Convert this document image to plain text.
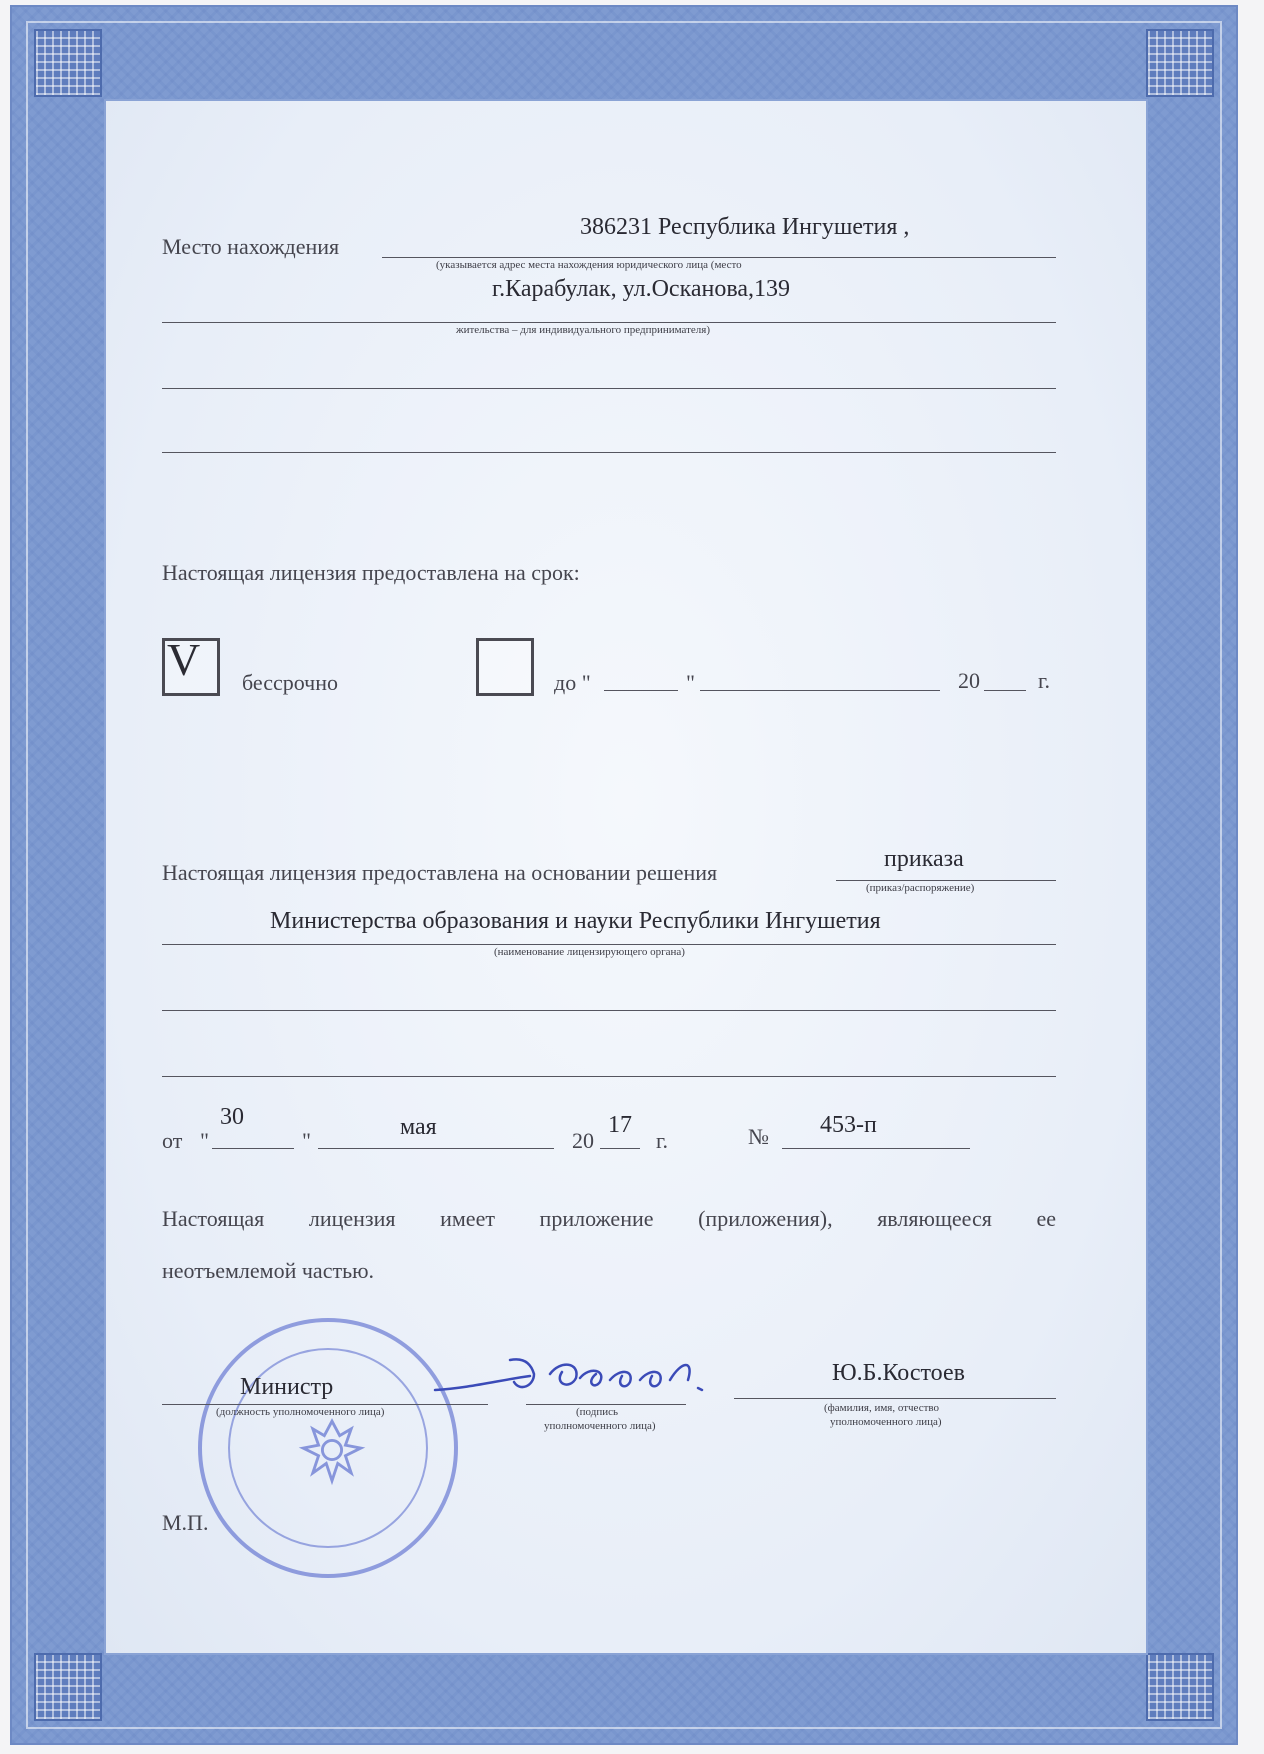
Место нахождения
386231 Республика Ингушетия ,
(указывается адрес места нахождения юридического лица (место
г.Карабулак, ул.Осканова,139
жительства – для индивидуального предпринимателя)
Настоящая лицензия предоставлена на срок:
V бессрочно	до "	"	20	г.
Настоящая лицензия предоставлена на основании решения
приказа
(приказ/распоряжение)
Министерства образования и науки Республики Ингушетия
(наименование лицензирующего органа)
от "
30
"
мая
20
17
г.	№ 453-п
Настоящая лицензия имеет приложение (приложения), являющееся ее
неотъемлемой частью.
Министр
(должность уполномоченного лица)	(подпись
уполномоченного лица)
Ю.Б.Костоев
(фамилия, имя, отчество
уполномоченного лица)
М.П.
